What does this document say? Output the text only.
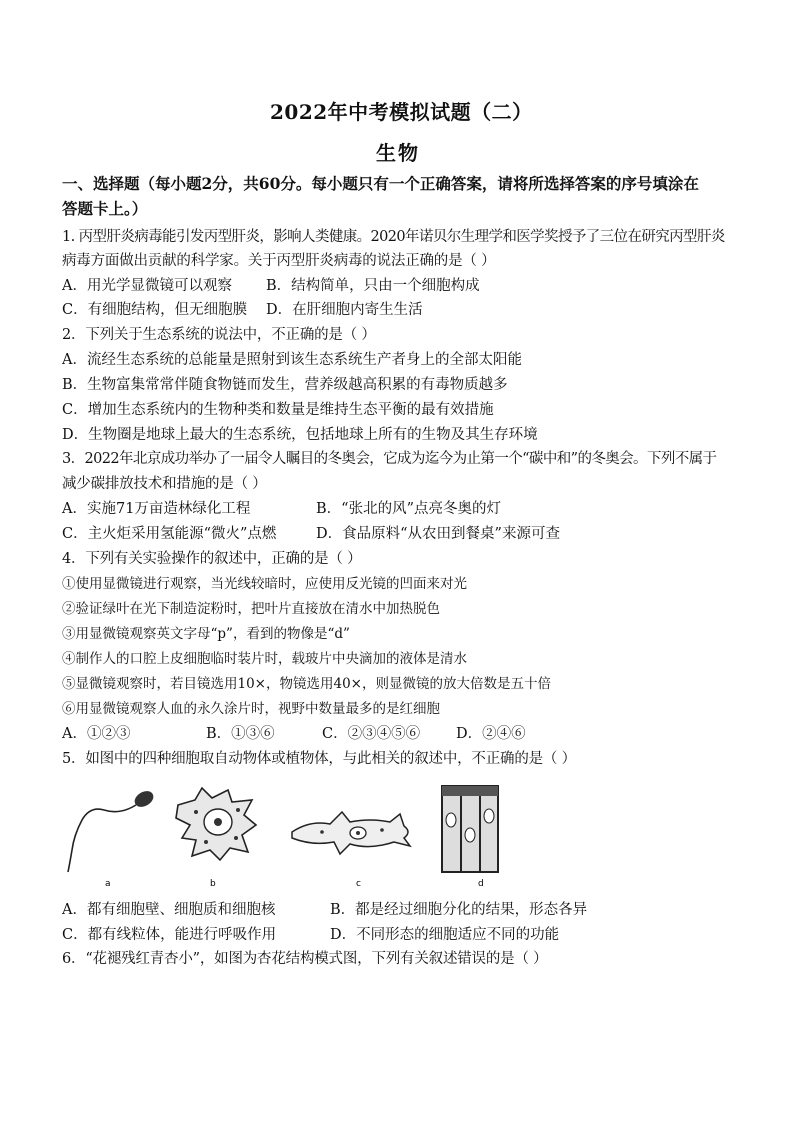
2022年中考模拟试题（二）
生物
一、选择题（每小题2分，共60分。每小题只有一个正确答案，请将所选择答案的序号填涂在
答题卡上。）
1. 丙型肝炎病毒能引发丙型肝炎，影响人类健康。2020年诺贝尔生理学和医学奖授予了三位在研究丙型肝炎
病毒方面做出贡献的科学家。关于丙型肝炎病毒的说法正确的是（ ）
A．用光学显微镜可以观察 B．结构简单，只由一个细胞构成
C．有细胞结构，但无细胞膜 D．在肝细胞内寄生生活
2．下列关于生态系统的说法中，不正确的是（ ）
A．流经生态系统的总能量是照射到该生态系统生产者身上的全部太阳能
B．生物富集常常伴随食物链而发生，营养级越高积累的有毒物质越多
C．增加生态系统内的生物种类和数量是维持生态平衡的最有效措施
D．生物圈是地球上最大的生态系统，包括地球上所有的生物及其生存环境
3．2022年北京成功举办了一届令人瞩目的冬奥会，它成为迄今为止第一个“碳中和”的冬奥会。下列不属于
减少碳排放技术和措施的是（ ）
A．实施71万亩造林绿化工程	B．“张北的风”点亮冬奥的灯
C．主火炬采用氢能源“微火”点燃	D．食品原料“从农田到餐桌”来源可查
4．下列有关实验操作的叙述中，正确的是（ ）
①使用显微镜进行观察，当光线较暗时，应使用反光镜的凹面来对光
②验证绿叶在光下制造淀粉时，把叶片直接放在清水中加热脱色
③用显微镜观察英文字母“p”，看到的物像是“d”
④制作人的口腔上皮细胞临时装片时，载玻片中央滴加的液体是清水
⑤显微镜观察时，若目镜选用10×，物镜选用40×，则显微镜的放大倍数是五十倍
⑥用显微镜观察人血的永久涂片时，视野中数量最多的是红细胞
A．①②③	B．①③⑥	C．②③④⑤⑥ D．②④⑥
5．如图中的四种细胞取自动物体或植物体，与此相关的叙述中，不正确的是（ ）
a	b	c	d
A．都有细胞壁、细胞质和细胞核	B．都是经过细胞分化的结果，形态各异
C．都有线粒体，能进行呼吸作用	D．不同形态的细胞适应不同的功能
6．“花褪残红青杏小”，如图为杏花结构模式图，下列有关叙述错误的是（ ）
